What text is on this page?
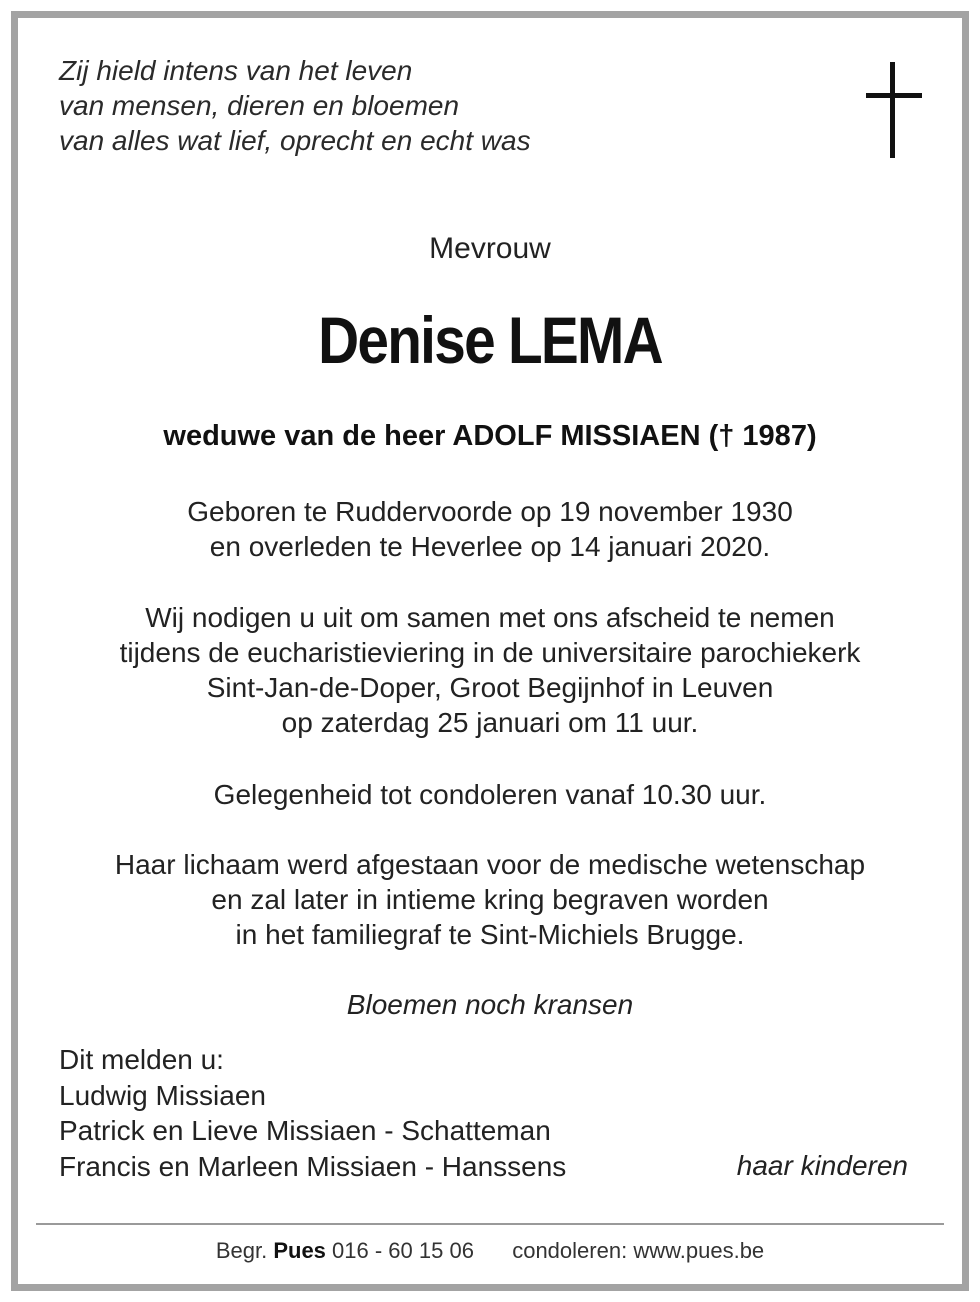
Zij hield intens van het leven
van mensen, dieren en bloemen
van alles wat lief, oprecht en echt was
Mevrouw
Denise LEMA
weduwe van de heer ADOLF MISSIAEN († 1987)
Geboren te Ruddervoorde op 19 november 1930
en overleden te Heverlee op 14 januari 2020.
Wij nodigen u uit om samen met ons afscheid te nemen
tijdens de eucharistieviering in de universitaire parochiekerk
Sint-Jan-de-Doper, Groot Begijnhof in Leuven
op zaterdag 25 januari om 11 uur.
Gelegenheid tot condoleren vanaf 10.30 uur.
Haar lichaam werd afgestaan voor de medische wetenschap
en zal later in intieme kring begraven worden
in het familiegraf te Sint-Michiels Brugge.
Bloemen noch kransen
Dit melden u:
Ludwig Missiaen
Patrick en Lieve Missiaen - Schatteman
Francis en Marleen Missiaen - Hanssens	haar kinderen
Begr. Pues 016 - 60 15 06 condoleren: www.pues.be
